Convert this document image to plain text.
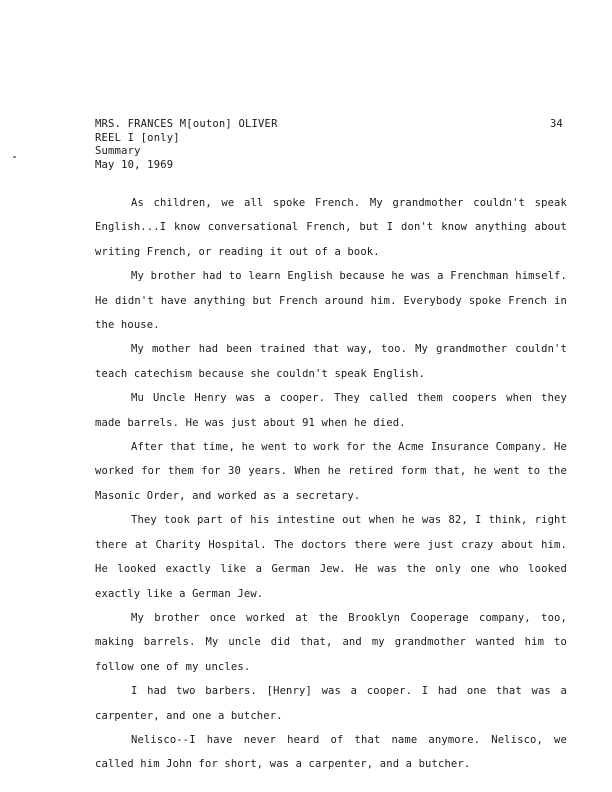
MRS. FRANCES M[outon] OLIVER
REEL I [only]
Summary
May 10, 1969
34

As children, we all spoke French. My grandmother couldn't speak English...I know conversational French, but I don't know anything about writing French, or reading it out of a book.

My brother had to learn English because he was a Frenchman himself. He didn't have anything but French around him. Everybody spoke French in the house.

My mother had been trained that way, too. My grandmother couldn't teach catechism because she couldn't speak English.

Mu Uncle Henry was a cooper. They called them coopers when they made barrels. He was just about 91 when he died.

After that time, he went to work for the Acme Insurance Company. He worked for them for 30 years. When he retired form that, he went to the Masonic Order, and worked as a secretary.

They took part of his intestine out when he was 82, I think, right there at Charity Hospital. The doctors there were just crazy about him. He looked exactly like a German Jew. He was the only one who looked exactly like a German Jew.

My brother once worked at the Brooklyn Cooperage company, too, making barrels. My uncle did that, and my grandmother wanted him to follow one of my uncles.

I had two barbers. [Henry] was a cooper. I had one that was a carpenter, and one a butcher.

Nelisco--I have never heard of that name anymore. Nelisco, we called him John for short, was a carpenter, and a butcher.
